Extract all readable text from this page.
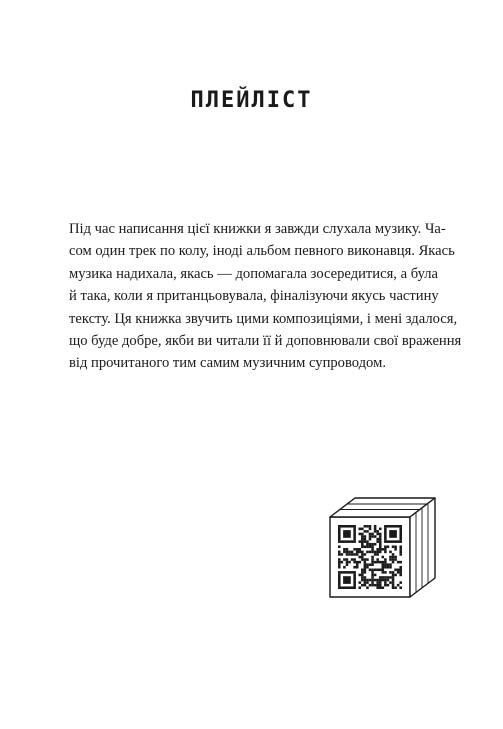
ПЛЕЙЛІСТ

Під час написання цієї книжки я завжди слухала музику. Ча-
сом один трек по колу, іноді альбом певного виконавця. Якась
музика надихала, якась — допомагала зосередитися, а була
й така, коли я пританцьовувала, фіналізуючи якусь частину
тексту. Ця книжка звучить цими композиціями, і мені здалося,
що буде добре, якби ви читали її й доповнювали свої враження
від прочитаного тим самим музичним супроводом.
